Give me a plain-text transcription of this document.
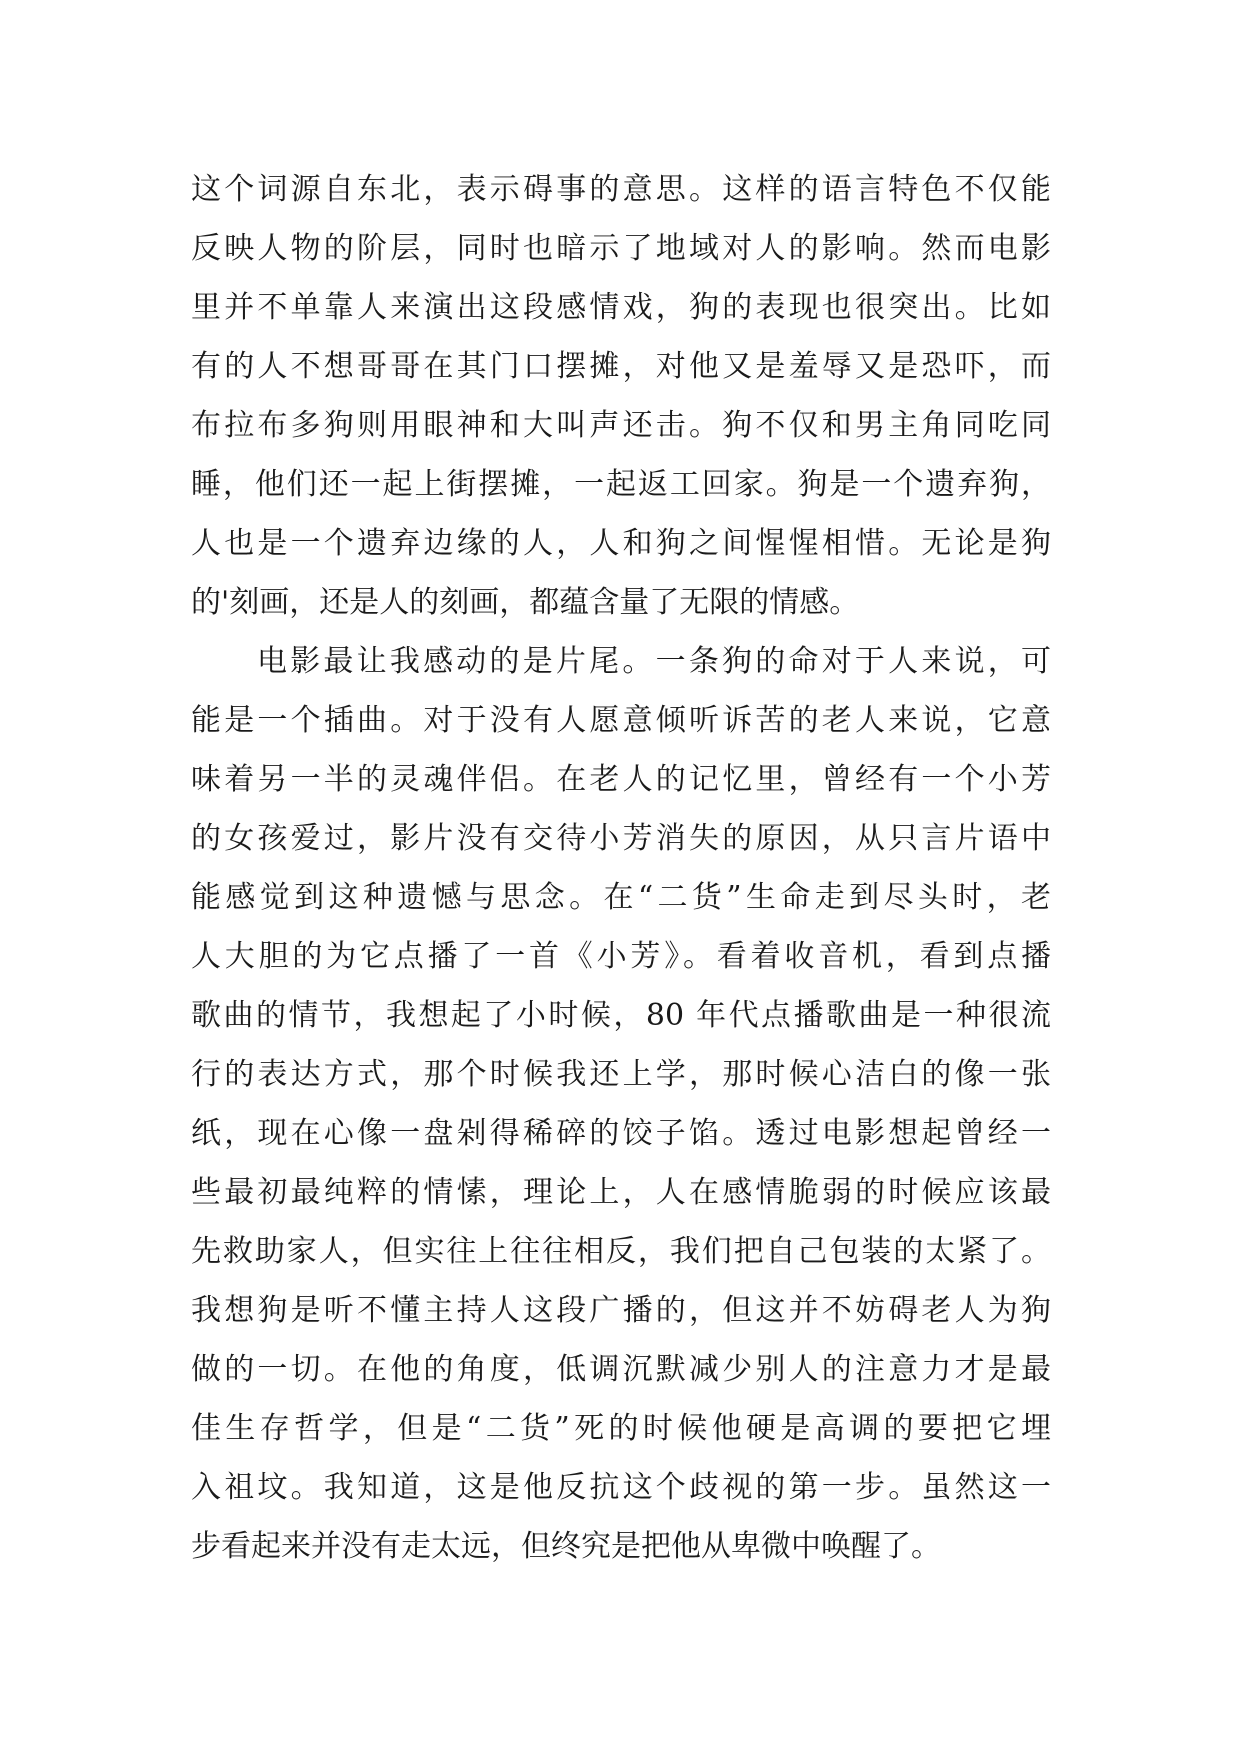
这个词源自东北，表示碍事的意思。这样的语言特色不仅能
反映人物的阶层，同时也暗示了地域对人的影响。然而电影
里并不单靠人来演出这段感情戏，狗的表现也很突出。比如
有的人不想哥哥在其门口摆摊，对他又是羞辱又是恐吓，而
布拉布多狗则用眼神和大叫声还击。狗不仅和男主角同吃同
睡，他们还一起上街摆摊，一起返工回家。狗是一个遗弃狗，
人也是一个遗弃边缘的人，人和狗之间惺惺相惜。无论是狗
的'刻画，还是人的刻画，都蕴含量了无限的情感。
电影最让我感动的是片尾。一条狗的命对于人来说，可
能是一个插曲。对于没有人愿意倾听诉苦的老人来说，它意
味着另一半的灵魂伴侣。在老人的记忆里，曾经有一个小芳
的女孩爱过，影片没有交待小芳消失的原因，从只言片语中
能感觉到这种遗憾与思念。在“二货”生命走到尽头时，老
人大胆的为它点播了一首《小芳》。看着收音机，看到点播
歌曲的情节，我想起了小时候，80 年代点播歌曲是一种很流
行的表达方式，那个时候我还上学，那时候心洁白的像一张
纸，现在心像一盘剁得稀碎的饺子馅。透过电影想起曾经一
些最初最纯粹的情愫，理论上，人在感情脆弱的时候应该最
先救助家人，但实往上往往相反，我们把自己包装的太紧了。
我想狗是听不懂主持人这段广播的，但这并不妨碍老人为狗
做的一切。在他的角度，低调沉默减少别人的注意力才是最
佳生存哲学，但是“二货”死的时候他硬是高调的要把它埋
入祖坟。我知道，这是他反抗这个歧视的第一步。虽然这一
步看起来并没有走太远，但终究是把他从卑微中唤醒了。
